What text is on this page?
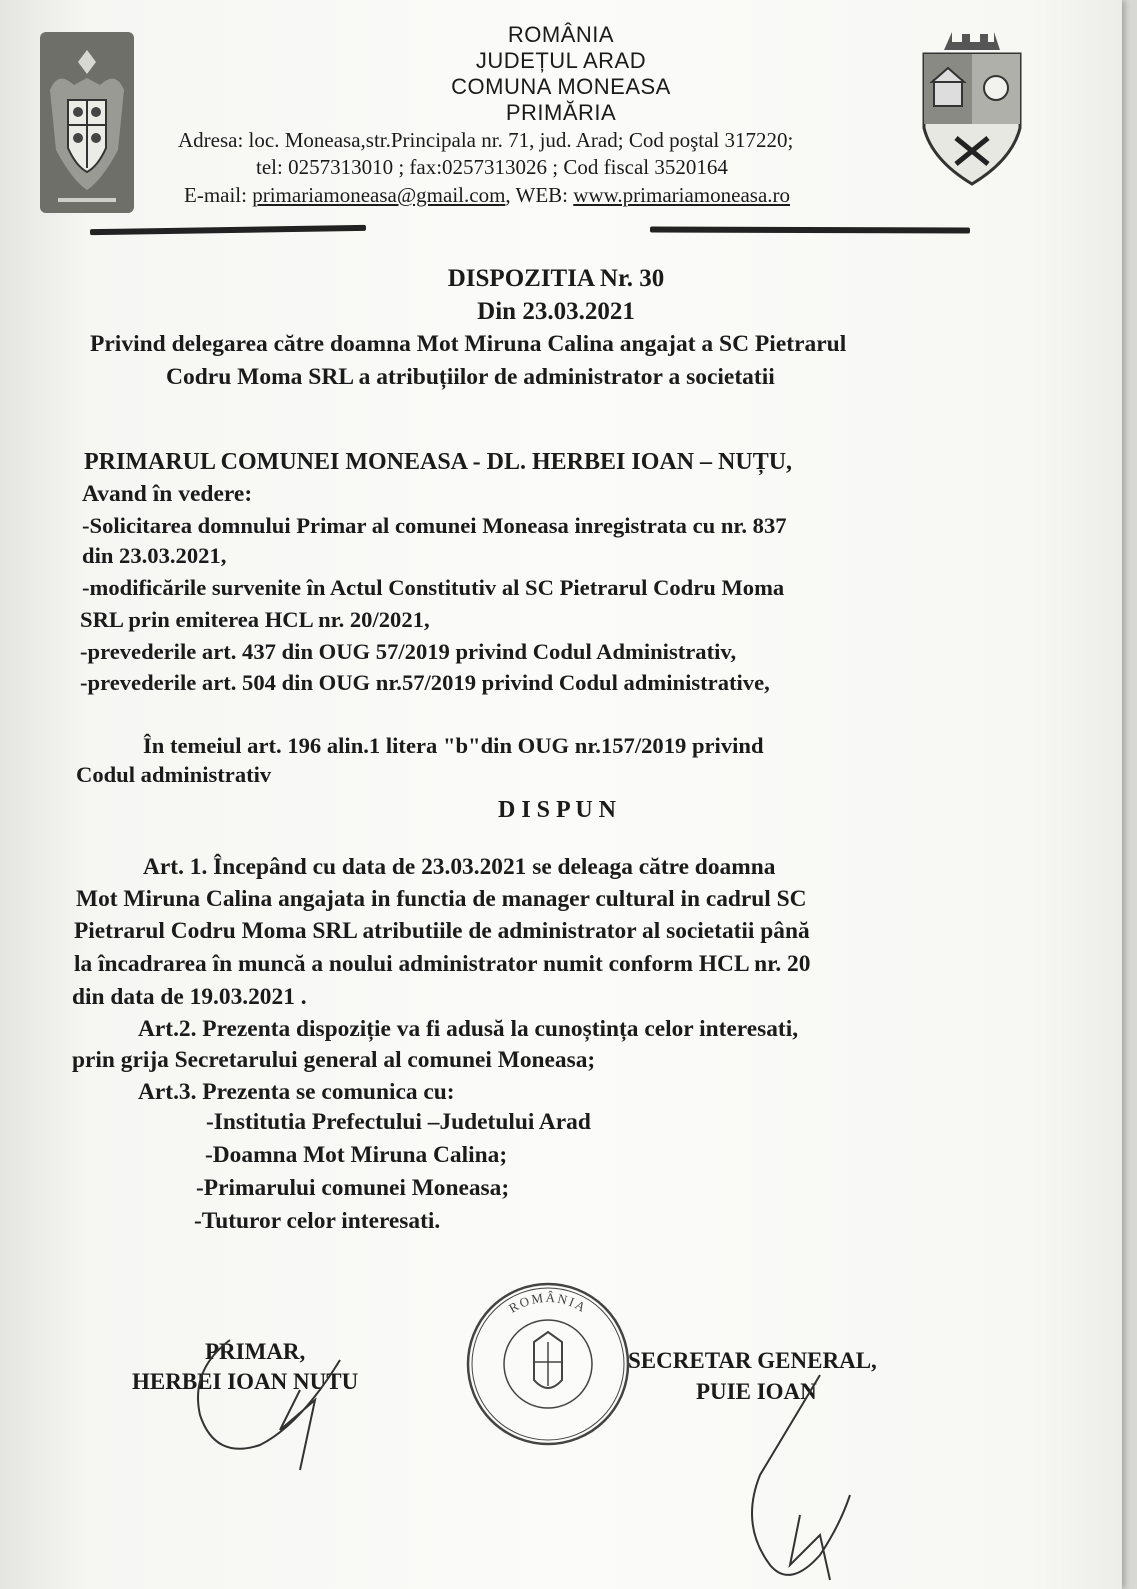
ROMÂNIA
JUDEȚUL ARAD
COMUNA MONEASA
PRIMĂRIA
Adresa: loc. Moneasa,str.Principala nr. 71, jud. Arad; Cod poştal 317220;
tel: 0257313010 ; fax:0257313026 ; Cod fiscal 3520164
E-mail: primariamoneasa@gmail.com, WEB: www.primariamoneasa.ro
DISPOZITIA Nr. 30
Din 23.03.2021
Privind delegarea către doamna Mot Miruna Calina angajat a SC Pietrarul
Codru Moma SRL a atribuțiilor de administrator a societatii
PRIMARUL COMUNEI MONEASA - DL. HERBEI IOAN – NUȚU,
Avand în vedere:
-Solicitarea domnului Primar al comunei Moneasa inregistrata cu nr. 837
din 23.03.2021,
-modificările survenite în Actul Constitutiv al SC Pietrarul Codru Moma
SRL prin emiterea HCL nr. 20/2021,
-prevederile art. 437 din OUG 57/2019 privind Codul Administrativ,
-prevederile art. 504 din OUG nr.57/2019 privind Codul administrative,
În temeiul art. 196 alin.1 litera "b"din OUG nr.157/2019 privind
Codul administrativ
D I S P U N
Art. 1. Începând cu data de 23.03.2021 se deleaga către doamna
Mot Miruna Calina angajata in functia de manager cultural in cadrul SC
Pietrarul Codru Moma SRL atributiile de administrator al societatii până
la încadrarea în muncă a noului administrator numit conform HCL nr. 20
din data de 19.03.2021 .
Art.2. Prezenta dispoziție va fi adusă la cunoștința celor interesati,
prin grija Secretarului general al comunei Moneasa;
Art.3. Prezenta se comunica cu:
-Institutia Prefectului –Judetului Arad
-Doamna Mot Miruna Calina;
-Primarului comunei Moneasa;
-Tuturor celor interesati.
PRIMAR,
HERBEI IOAN NUTU
SECRETAR GENERAL,
PUIE IOAN
ROMÂNIA
